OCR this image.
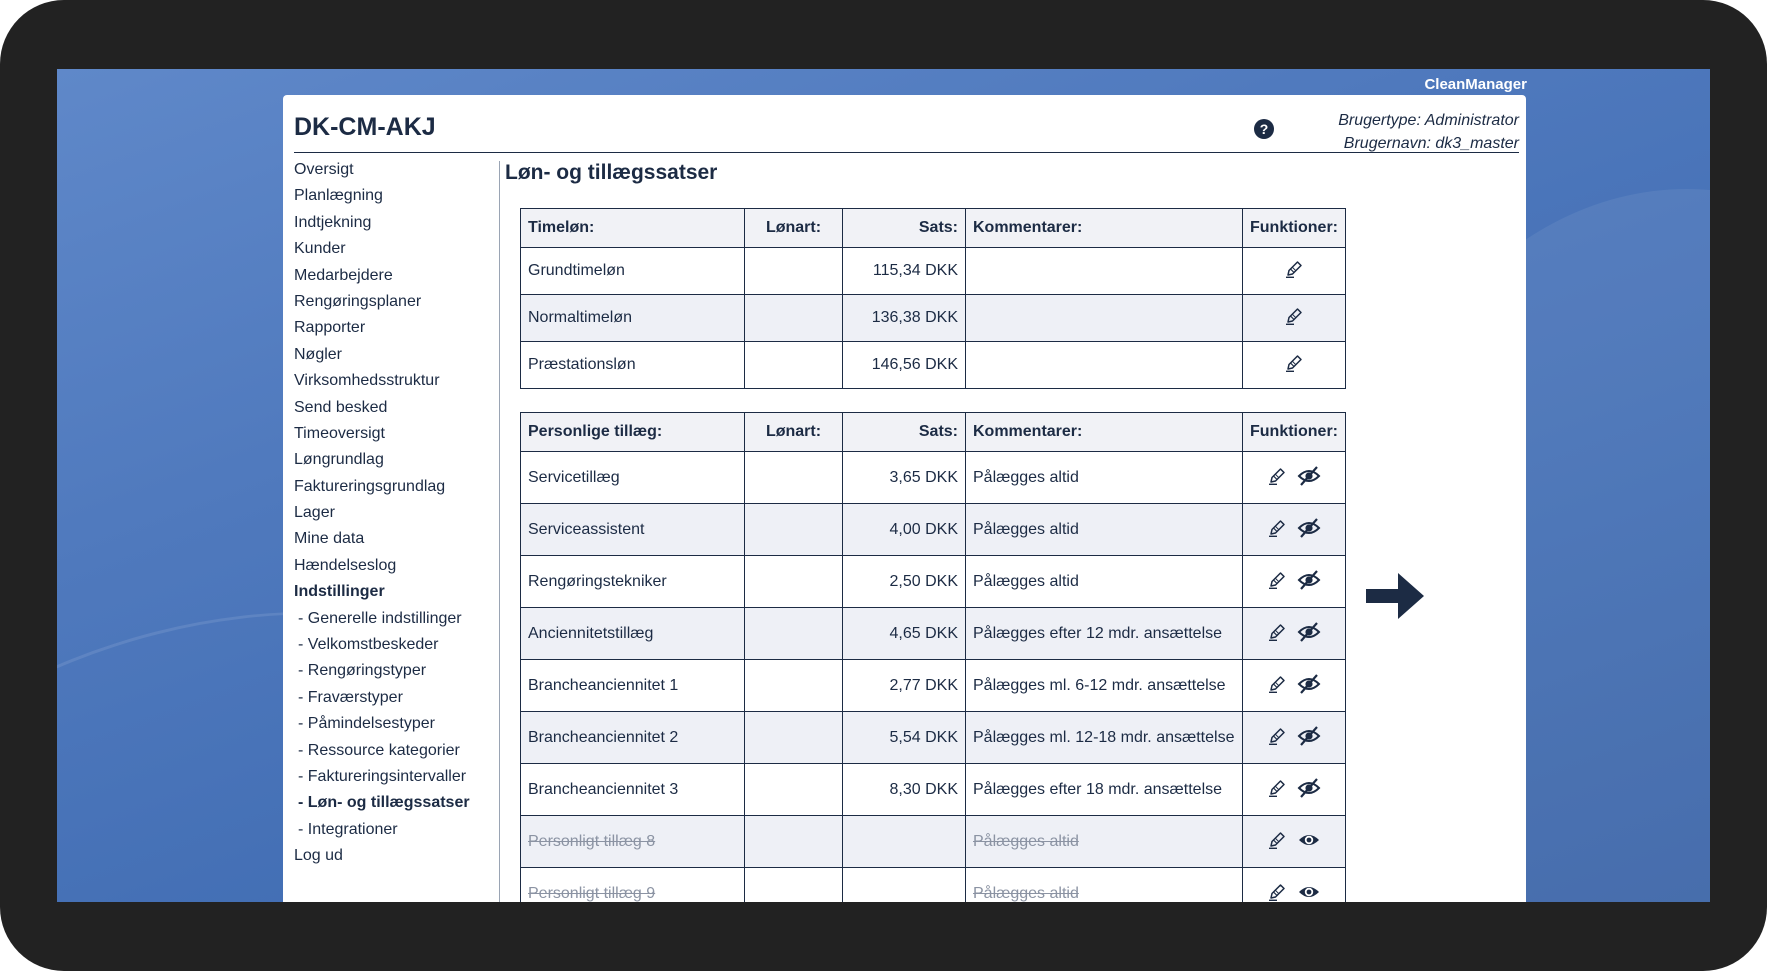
CleanManager
DK-CM-AKJ	?	Brugertype: Administrator
Brugernavn: dk3_master
Oversigt
Planlægning
Indtjekning
Kunder
Medarbejdere
Rengøringsplaner
Rapporter
Nøgler
Virksomhedsstruktur
Send besked
Timeoversigt
Løngrundlag
Faktureringsgrundlag
Lager
Mine data
Hændelseslog
Indstillinger
- Generelle indstillinger
- Velkomstbeskeder
- Rengøringstyper
- Fraværstyper
- Påmindelsestyper
- Ressource kategorier
- Faktureringsintervaller
- Løn- og tillægssatser
- Integrationer
Log ud
Løn- og tillægssatser
Timeløn:	Lønart:	Sats:	Kommentarer:	Funktioner:
Grundtimeløn		115,34 DKK		

Normaltimeløn		136,38 DKK		

Præstationsløn		146,56 DKK		
Personlige tillæg:	Lønart:	Sats:	Kommentarer:	Funktioner:
Servicetillæg		3,65 DKK	Pålægges altid	

Serviceassistent		4,00 DKK	Pålægges altid	

Rengøringstekniker		2,50 DKK	Pålægges altid	

Anciennitetstillæg		4,65 DKK	Pålægges efter 12 mdr. ansættelse	

Brancheanciennitet 1		2,77 DKK	Pålægges ml. 6-12 mdr. ansættelse	

Brancheanciennitet 2		5,54 DKK	Pålægges ml. 12-18 mdr. ansættelse	

Brancheanciennitet 3		8,30 DKK	Pålægges efter 18 mdr. ansættelse	

Personligt tillæg 8			Pålægges altid	

Personligt tillæg 9			Pålægges altid	
